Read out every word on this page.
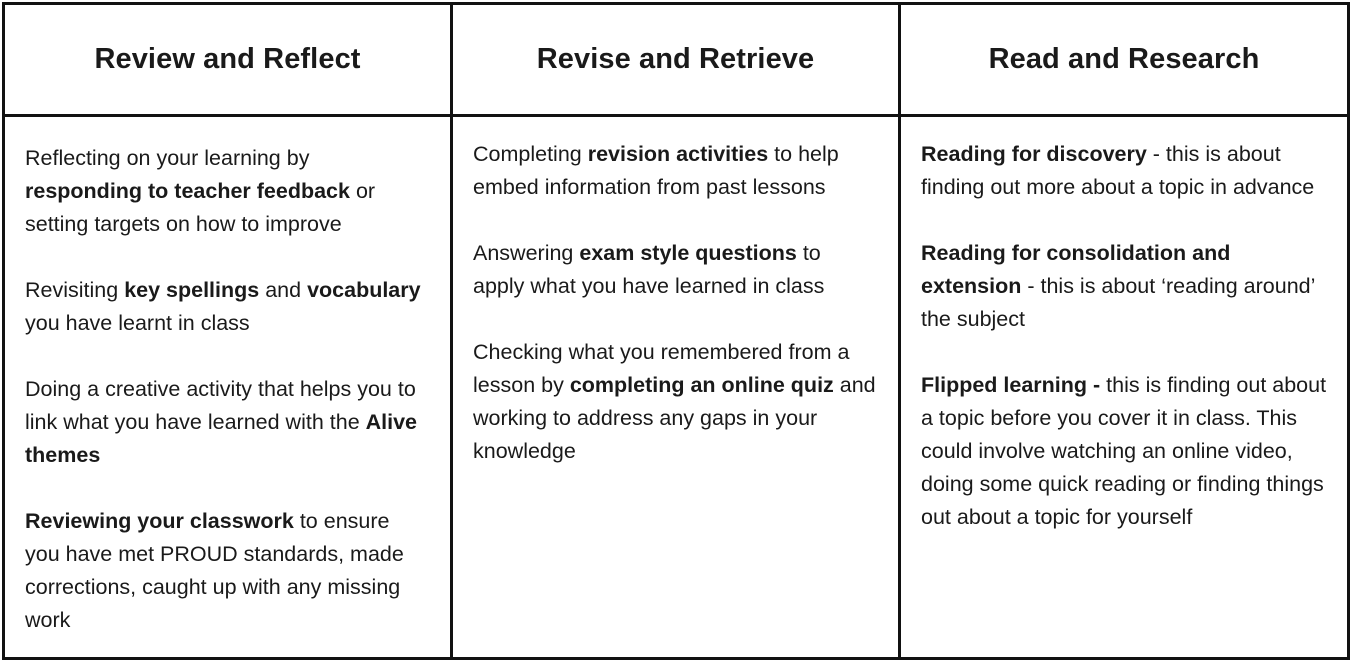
Review and Reflect	Revise and Retrieve	Read and Research

Reflecting on your learning by responding to teacher feedback or setting targets on how to improve

Revisiting key spellings and vocabulary you have learnt in class

Doing a creative activity that helps you to link what you have learned with the Alive themes

Reviewing your classwork to ensure you have met PROUD standards, made corrections, caught up with any missing work

Completing revision activities to help embed information from past lessons

Answering exam style questions to apply what you have learned in class

Checking what you remembered from a lesson by completing an online quiz and working to address any gaps in your knowledge

Reading for discovery - this is about finding out more about a topic in advance

Reading for consolidation and extension - this is about ‘reading around’ the subject

Flipped learning - this is finding out about a topic before you cover it in class. This could involve watching an online video, doing some quick reading or finding things out about a topic for yourself
